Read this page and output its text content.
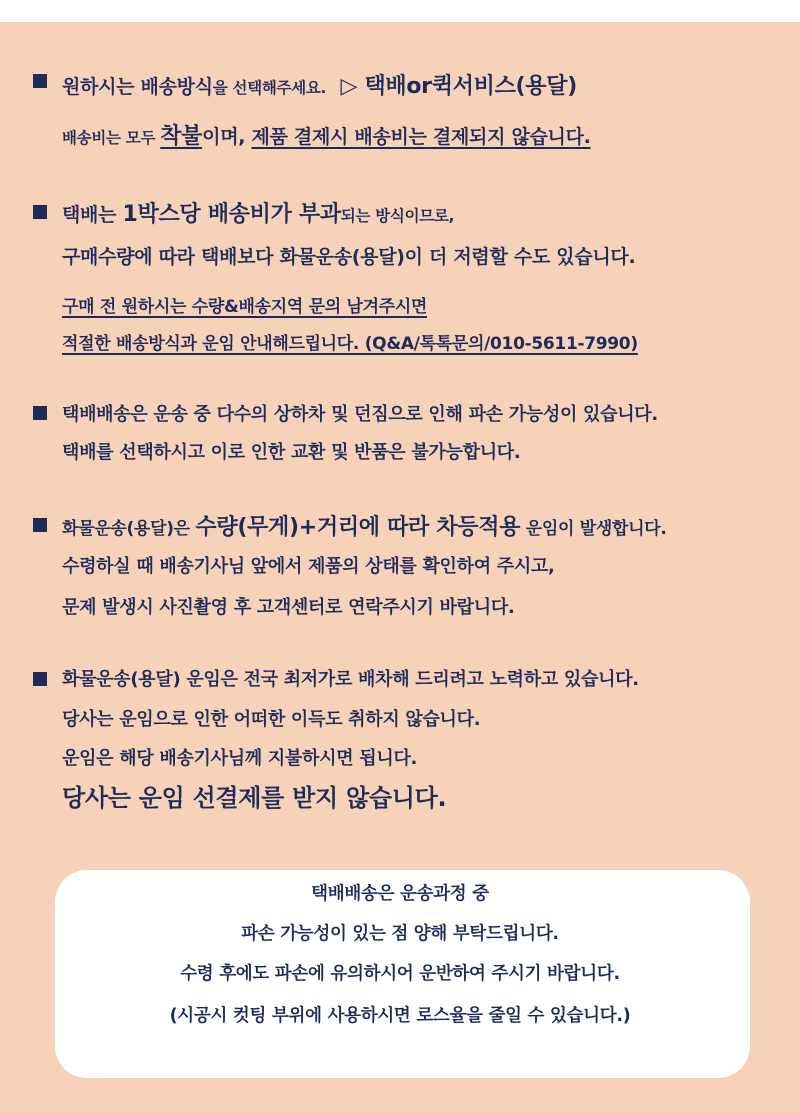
원하시는 배송방식을 선택해주세요. ▷ 택배or퀵서비스(용달)
배송비는 모두 착불이며, 제품 결제시 배송비는 결제되지 않습니다.
택배는 1박스당 배송비가 부과되는 방식이므로,
구매수량에 따라 택배보다 화물운송(용달)이 더 저렴할 수도 있습니다.
구매 전 원하시는 수량&배송지역 문의 남겨주시면
적절한 배송방식과 운임 안내해드립니다. (Q&A/톡톡문의/010-5611-7990)
택배배송은 운송 중 다수의 상하차 및 던짐으로 인해 파손 가능성이 있습니다.
택배를 선택하시고 이로 인한 교환 및 반품은 불가능합니다.
화물운송(용달)은 수량(무게)+거리에 따라 차등적용 운임이 발생합니다.
수령하실 때 배송기사님 앞에서 제품의 상태를 확인하여 주시고,
문제 발생시 사진촬영 후 고객센터로 연락주시기 바랍니다.
화물운송(용달) 운임은 전국 최저가로 배차해 드리려고 노력하고 있습니다.
당사는 운임으로 인한 어떠한 이득도 취하지 않습니다.
운임은 해당 배송기사님께 지불하시면 됩니다.
당사는 운임 선결제를 받지 않습니다.
택배배송은 운송과정 중
파손 가능성이 있는 점 양해 부탁드립니다.
수령 후에도 파손에 유의하시어 운반하여 주시기 바랍니다.
(시공시 컷팅 부위에 사용하시면 로스율을 줄일 수 있습니다.)
